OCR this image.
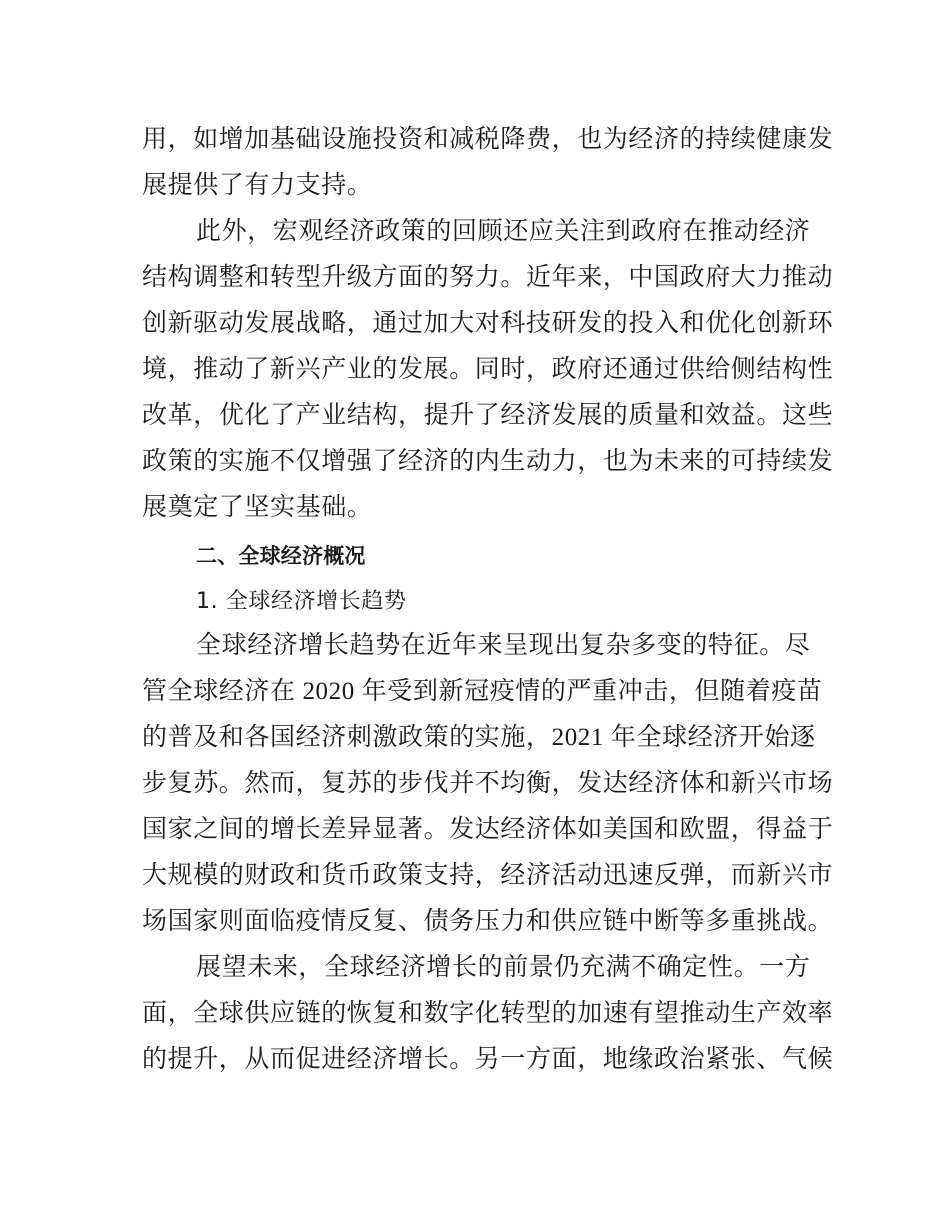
用，如增加基础设施投资和减税降费，也为经济的持续健康发

展提供了有力支持。

此外，宏观经济政策的回顾还应关注到政府在推动经济

结构调整和转型升级方面的努力。近年来，中国政府大力推动

创新驱动发展战略，通过加大对科技研发的投入和优化创新环

境，推动了新兴产业的发展。同时，政府还通过供给侧结构性

改革，优化了产业结构，提升了经济发展的质量和效益。这些

政策的实施不仅增强了经济的内生动力，也为未来的可持续发

展奠定了坚实基础。

二、全球经济概况

1. 全球经济增长趋势

全球经济增长趋势在近年来呈现出复杂多变的特征。尽

管全球经济在 2020 年受到新冠疫情的严重冲击，但随着疫苗

的普及和各国经济刺激政策的实施，2021 年全球经济开始逐

步复苏。然而，复苏的步伐并不均衡，发达经济体和新兴市场

国家之间的增长差异显著。发达经济体如美国和欧盟，得益于

大规模的财政和货币政策支持，经济活动迅速反弹，而新兴市

场国家则面临疫情反复、债务压力和供应链中断等多重挑战。

展望未来，全球经济增长的前景仍充满不确定性。一方

面，全球供应链的恢复和数字化转型的加速有望推动生产效率

的提升，从而促进经济增长。另一方面，地缘政治紧张、气候
